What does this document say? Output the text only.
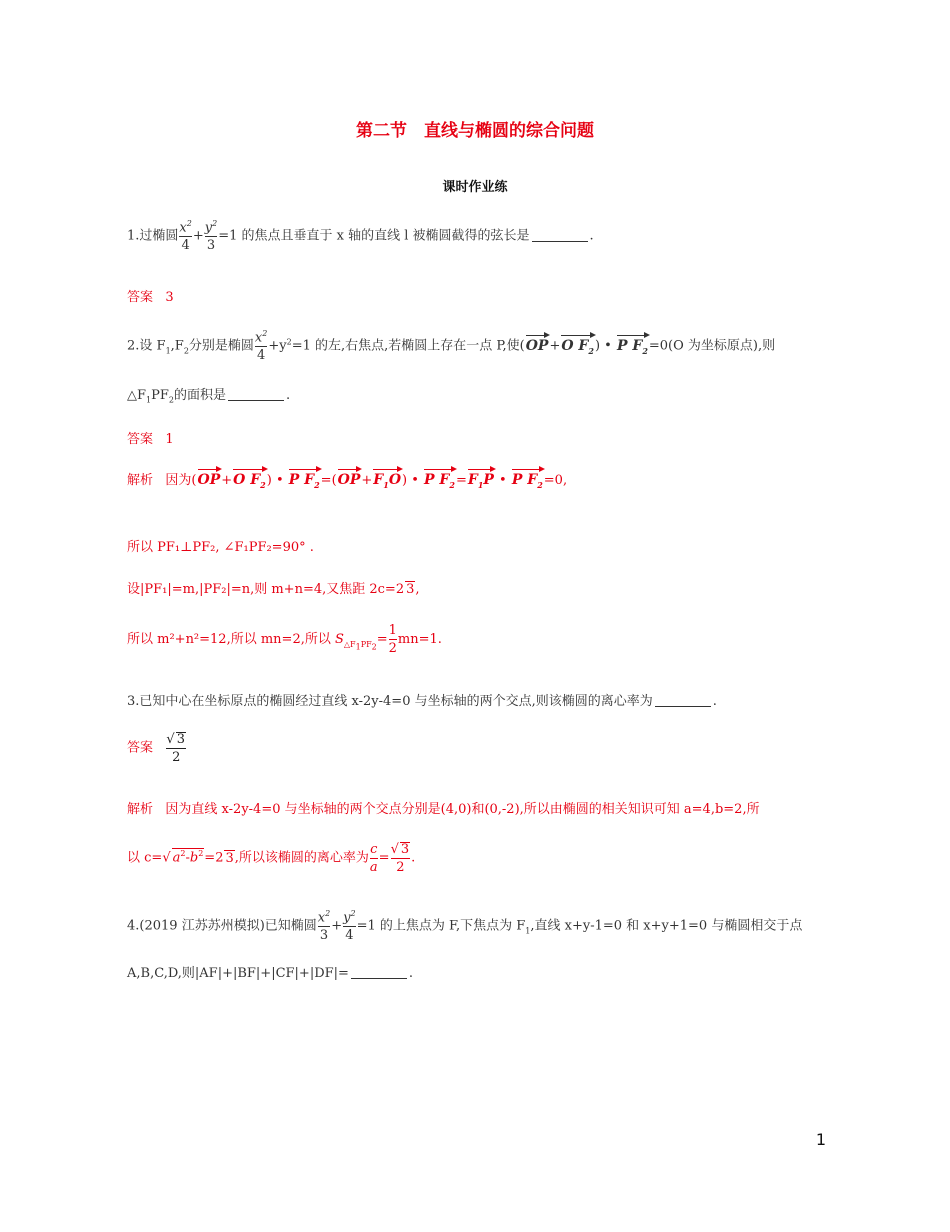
第二节　直线与椭圆的综合问题
课时作业练
1.过椭圆 $\frac{x^2}{4} + \frac{y^2}{3} =1$ 的焦点且垂直于 x 轴的直线 l 被椭圆截得的弦长是	.
答案 3
2.设 $F_1,F_2$分别是椭圆 $\frac{x^2}{4} +y^2=1$ 的左,右焦点,若椭圆上存在一点 P,使(OP+O $F_2$) • P $F_2=0(O$ 为坐标原点),则
$\triangle F_1PF_2$的面积是	.
答案 1
解析 因为(OP+O $F_2$) • P $F_2=(OP+F_1O)$ • P $F_2=F_1P$ • P $F_2=0$,
所以 PF₁⊥PF₂, ∠F₁PF₂=90° .
设|PF₁|=m,|PF₂|=n,则 m+n=4,又焦距 2c=2 3,
所以 m²+n²=12,所以 mn=2,所以 $S_{\triangle F_1PF_2}= \frac{1}{2} mn=1$.
3.已知中心在坐标原点的椭圆经过直线 x-2y-4=0 与坐标轴的两个交点,则该椭圆的离心率为	.
答案 $\frac{√ 3}{2}$
解析 因为直线 x-2y-4=0 与坐标轴的两个交点分别是(4,0)和(0,-2),所以由椭圆的相关知识可知 a=4,b=2,所
以 c=√ $a^2-b^2=2$ 3,所以该椭圆的离心率为 $\frac{c}{a} = \frac{√ 3}{2}$ .
4.(2019 江苏苏州模拟)已知椭圆 $\frac{x^2}{3} + \frac{y^2}{4} =1$ 的上焦点为 F,下焦点为 $F_1$,直线 x+y-1=0 和 x+y+1=0 与椭圆相交于点
A,B,C,D,则|AF|+|BF|+|CF|+|DF|=	.
1
